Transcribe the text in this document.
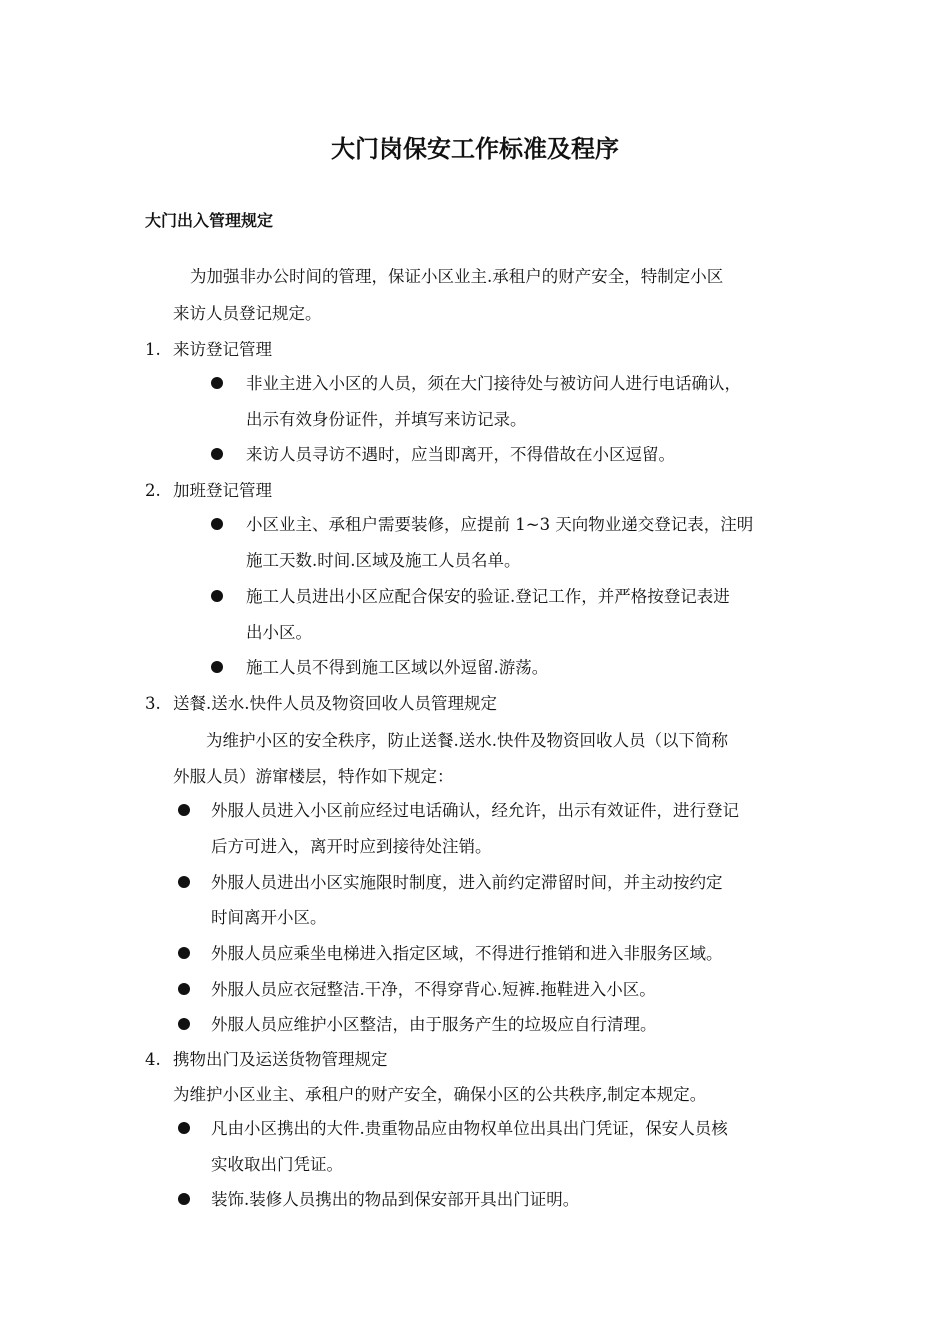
大门岗保安工作标准及程序
大门出入管理规定
为加强非办公时间的管理，保证小区业主.承租户的财产安全，特制定小区
来访人员登记规定。
1. 来访登记管理
非业主进入小区的人员，须在大门接待处与被访问人进行电话确认，
出示有效身份证件，并填写来访记录。
来访人员寻访不遇时，应当即离开，不得借故在小区逗留。
2. 加班登记管理
小区业主、承租户需要装修，应提前 1~3 天向物业递交登记表，注明
施工天数.时间.区域及施工人员名单。
施工人员进出小区应配合保安的验证.登记工作，并严格按登记表进
出小区。
施工人员不得到施工区域以外逗留.游荡。
3. 送餐.送水.快件人员及物资回收人员管理规定
为维护小区的安全秩序，防止送餐.送水.快件及物资回收人员（以下简称
外服人员）游窜楼层，特作如下规定：
外服人员进入小区前应经过电话确认，经允许，出示有效证件，进行登记
后方可进入，离开时应到接待处注销。
外服人员进出小区实施限时制度，进入前约定滞留时间，并主动按约定
时间离开小区。
外服人员应乘坐电梯进入指定区域，不得进行推销和进入非服务区域。
外服人员应衣冠整洁.干净，不得穿背心.短裤.拖鞋进入小区。
外服人员应维护小区整洁，由于服务产生的垃圾应自行清理。
4. 携物出门及运送货物管理规定
为维护小区业主、承租户的财产安全，确保小区的公共秩序,制定本规定。
凡由小区携出的大件.贵重物品应由物权单位出具出门凭证，保安人员核
实收取出门凭证。
装饰.装修人员携出的物品到保安部开具出门证明。
